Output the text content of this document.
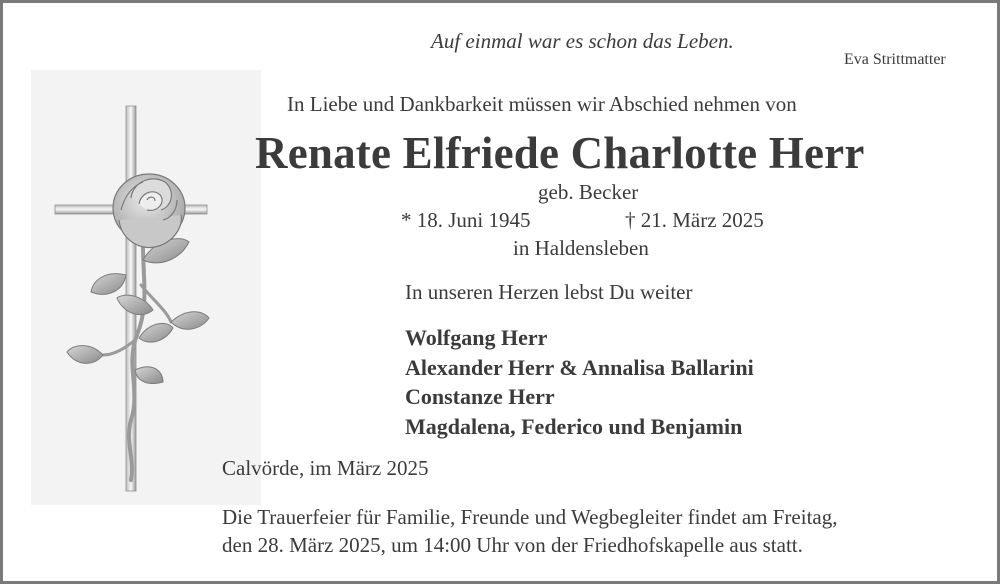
Auf einmal war es schon das Leben.
Eva Strittmatter
In Liebe und Dankbarkeit müssen wir Abschied nehmen von
Renate Elfriede Charlotte Herr
geb. Becker
* 18. Juni 1945	† 21. März 2025
in Haldensleben
In unseren Herzen lebst Du weiter
Wolfgang Herr
Alexander Herr & Annalisa Ballarini
Constanze Herr
Magdalena, Federico und Benjamin
Calvörde, im März 2025
Die Trauerfeier für Familie, Freunde und Wegbegleiter findet am Freitag,
den 28. März 2025, um 14:00 Uhr von der Friedhofskapelle aus statt.
